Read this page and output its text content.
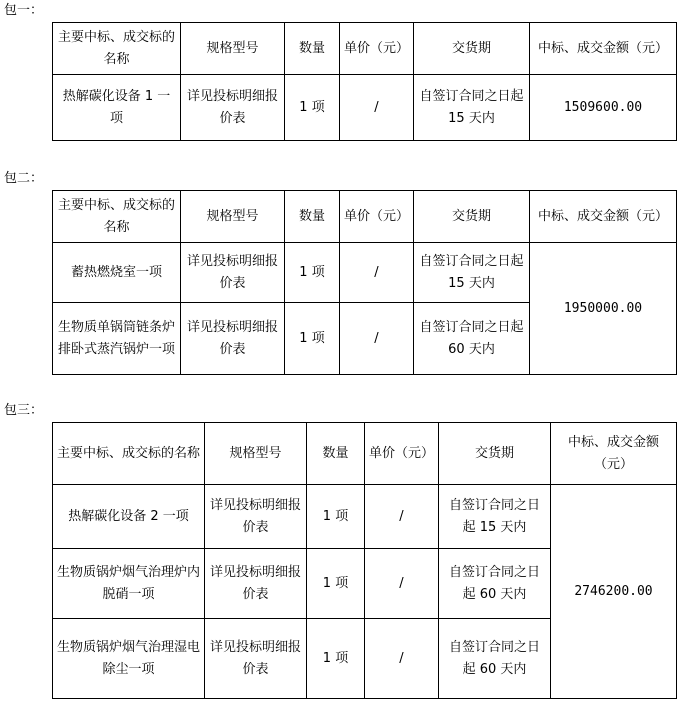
包一：
主要中标、成交标的名称	规格型号	数量	单价（元）	交货期	中标、成交金额（元）
热解碳化设备 1 一项	详见投标明细报价表	1 项	/	自签订合同之日起 15 天内	1509600.00
包二：
主要中标、成交标的名称	规格型号	数量	单价（元）	交货期	中标、成交金额（元）
蓄热燃烧室一项	详见投标明细报价表	1 项	/	自签订合同之日起 15 天内	1950000.00
生物质单锅筒链条炉排卧式蒸汽锅炉一项	详见投标明细报价表	1 项	/	自签订合同之日起 60 天内	
包三：
主要中标、成交标的名称	规格型号	数量	单价（元）	交货期	中标、成交金额（元）
热解碳化设备 2 一项	详见投标明细报价表	1 项	/	自签订合同之日起 15 天内	2746200.00
生物质锅炉烟气治理炉内脱硝一项	详见投标明细报价表	1 项	/	自签订合同之日起 60 天内	
生物质锅炉烟气治理湿电除尘一项	详见投标明细报价表	1 项	/	自签订合同之日起 60 天内	
